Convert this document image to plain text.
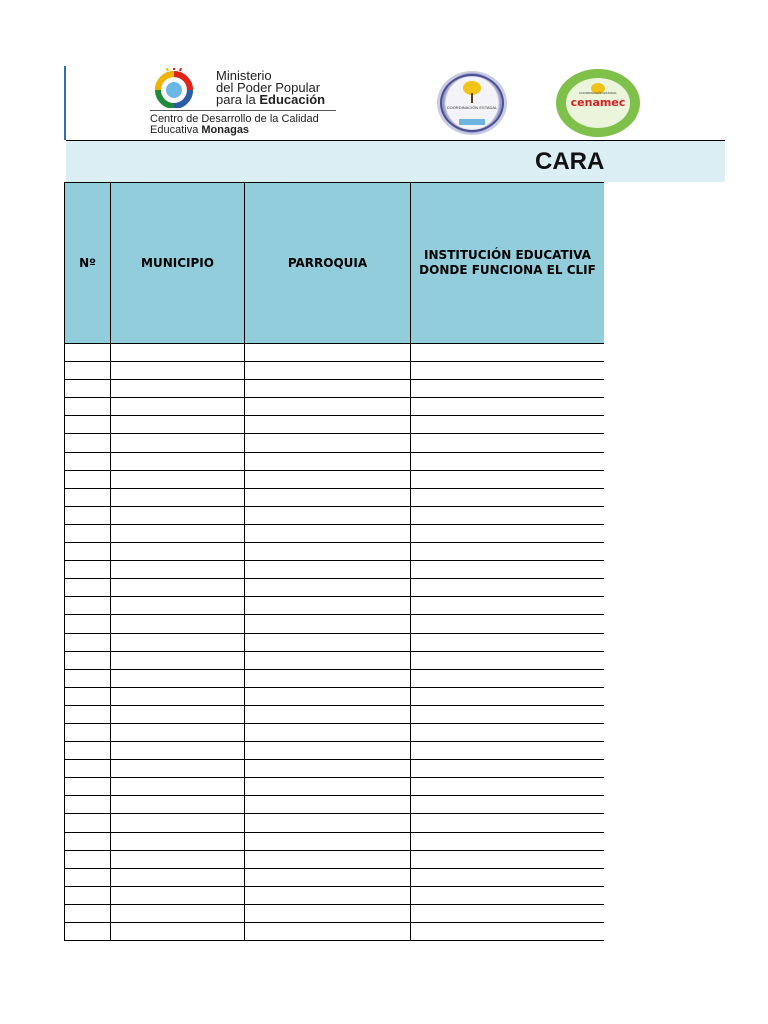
Ministerio
del Poder Popular
para la Educación
Centro de Desarrollo de la Calidad
Educativa Monagas
COORDINACIÓN ESTADAL
COORDINACIÓN ESTADAL
cenamec
CARA
Nº	MUNICIPIO	PARROQUIA	INSTITUCIÓN EDUCATIVA DONDE FUNCIONA EL CLIF
